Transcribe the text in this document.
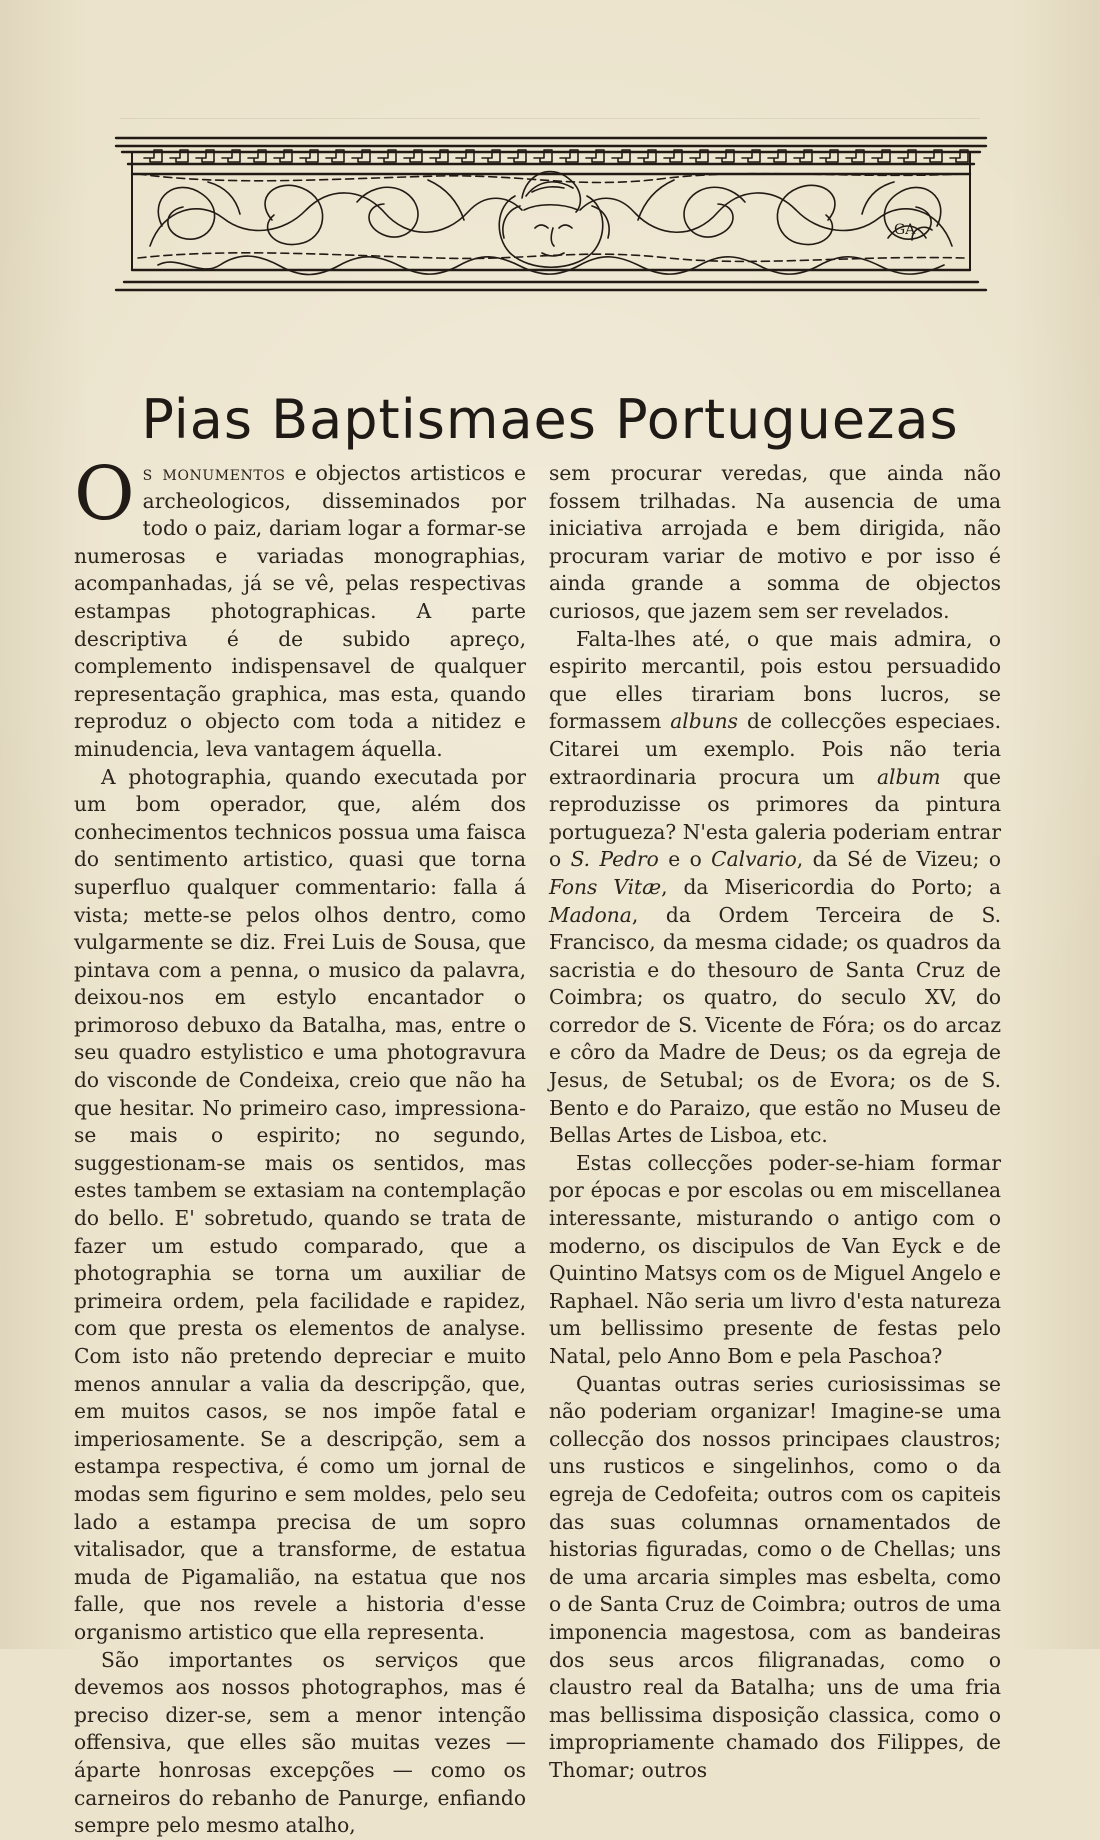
GA
Pias Baptismaes Portuguezas

Os monumentos e objectos artisticos e archeologicos, disseminados por todo o paiz, dariam logar a formar-se numerosas e variadas monographias, acompanhadas, já se vê, pelas respectivas estampas photographicas. A parte descriptiva é de subido apreço, complemento indispensavel de qualquer representação graphica, mas esta, quando reproduz o objecto com toda a nitidez e minudencia, leva vantagem áquella.

A photographia, quando executada por um bom operador, que, além dos conhecimentos technicos possua uma faisca do sentimento artistico, quasi que torna superfluo qualquer commentario: falla á vista; mette-se pelos olhos dentro, como vulgarmente se diz. Frei Luis de Sousa, que pintava com a penna, o musico da palavra, deixou-nos em estylo encantador o primoroso debuxo da Batalha, mas, entre o seu quadro estylistico e uma photogravura do visconde de Condeixa, creio que não ha que hesitar. No primeiro caso, impressiona-se mais o espirito; no segundo, suggestionam-se mais os sentidos, mas estes tambem se extasiam na contemplação do bello. E' sobretudo, quando se trata de fazer um estudo comparado, que a photographia se torna um auxiliar de primeira ordem, pela facilidade e rapidez, com que presta os elementos de analyse. Com isto não pretendo depreciar e muito menos annular a valia da descripção, que, em muitos casos, se nos impõe fatal e imperiosamente. Se a descripção, sem a estampa respectiva, é como um jornal de modas sem figurino e sem moldes, pelo seu lado a estampa precisa de um sopro vitalisador, que a transforme, de estatua muda de Pigamalião, na estatua que nos falle, que nos revele a historia d'esse organismo artistico que ella representa.

São importantes os serviços que devemos aos nossos photographos, mas é preciso dizer-se, sem a menor intenção offensiva, que elles são muitas vezes — áparte honrosas excepções — como os carneiros do rebanho de Panurge, enfiando sempre pelo mesmo atalho,

sem procurar veredas, que ainda não fossem trilhadas. Na ausencia de uma iniciativa arrojada e bem dirigida, não procuram variar de motivo e por isso é ainda grande a somma de objectos curiosos, que jazem sem ser revelados.

Falta-lhes até, o que mais admira, o espirito mercantil, pois estou persuadido que elles tirariam bons lucros, se formassem albuns de collecções especiaes. Citarei um exemplo. Pois não teria extraordinaria procura um album que reproduzisse os primores da pintura portugueza? N'esta galeria poderiam entrar o S. Pedro e o Calvario, da Sé de Vizeu; o Fons Vitæ, da Misericordia do Porto; a Madona, da Ordem Terceira de S. Francisco, da mesma cidade; os quadros da sacristia e do thesouro de Santa Cruz de Coimbra; os quatro, do seculo XV, do corredor de S. Vicente de Fóra; os do arcaz e côro da Madre de Deus; os da egreja de Jesus, de Setubal; os de Evora; os de S. Bento e do Paraizo, que estão no Museu de Bellas Artes de Lisboa, etc.

Estas collecções poder-se-hiam formar por épocas e por escolas ou em miscellanea interessante, misturando o antigo com o moderno, os discipulos de Van Eyck e de Quintino Matsys com os de Miguel Angelo e Raphael. Não seria um livro d'esta natureza um bellissimo presente de festas pelo Natal, pelo Anno Bom e pela Paschoa?

Quantas outras series curiosissimas se não poderiam organizar! Imagine-se uma collecção dos nossos principaes claustros; uns rusticos e singelinhos, como o da egreja de Cedofeita; outros com os capiteis das suas columnas ornamentados de historias figuradas, como o de Chellas; uns de uma arcaria simples mas esbelta, como o de Santa Cruz de Coimbra; outros de uma imponencia magestosa, com as bandeiras dos seus arcos filigranadas, como o claustro real da Batalha; uns de uma fria mas bellissima disposição classica, como o impropriamente chamado dos Filippes, de Thomar; outros
